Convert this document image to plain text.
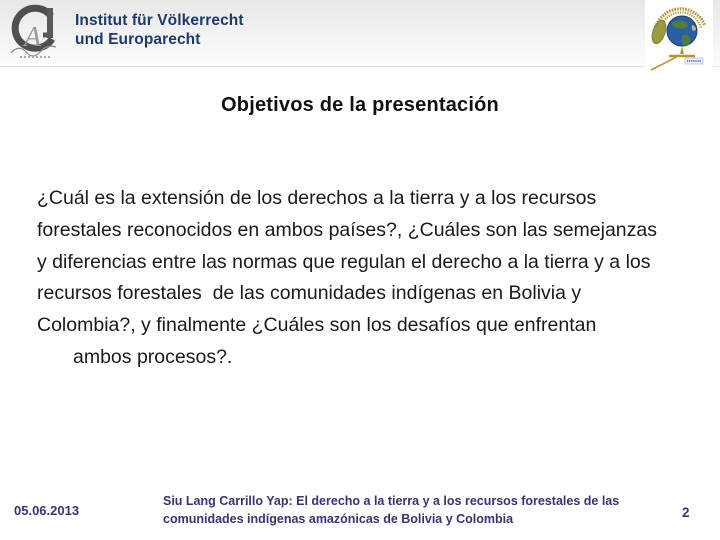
A
Institut für Völkerrecht
und Europarecht
Objetivos de la presentación
¿Cuál es la extensión de los derechos a la tierra y a los recursos
forestales reconocidos en ambos países?, ¿Cuáles son las semejanzas
y diferencias entre las normas que regulan el derecho a la tierra y a los
recursos forestales  de las comunidades indígenas en Bolivia y
Colombia?, y finalmente ¿Cuáles son los desafíos que enfrentan
ambos procesos?.
05.06.2013
Siu Lang Carrillo Yap: El derecho a la tierra y a los recursos forestales de las
comunidades indígenas amazónicas de Bolivia y Colombia	2
